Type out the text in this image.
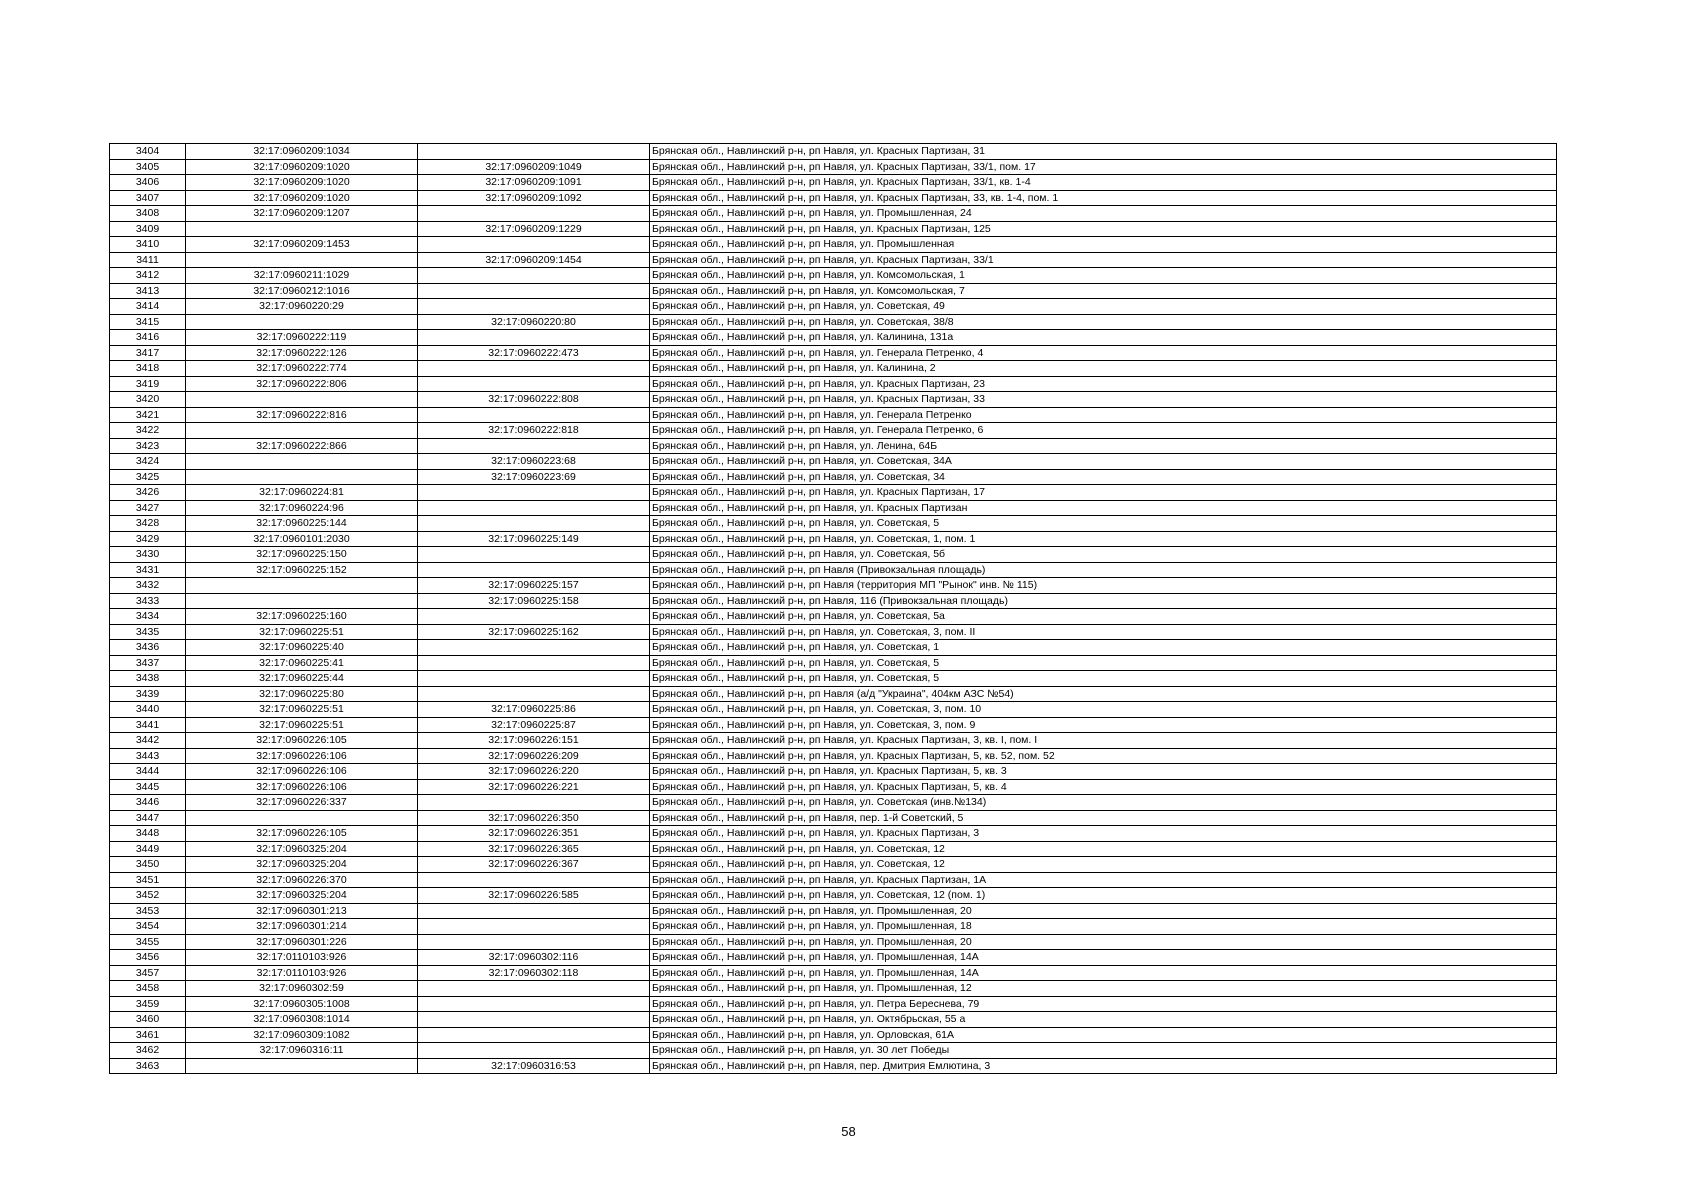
3404	32:17:0960209:1034		Брянская обл., Навлинский р-н, рп Навля, ул. Красных Партизан, 31
3405	32:17:0960209:1020	32:17:0960209:1049	Брянская обл., Навлинский р-н, рп Навля, ул. Красных Партизан, 33/1, пом. 17
3406	32:17:0960209:1020	32:17:0960209:1091	Брянская обл., Навлинский р-н, рп Навля, ул. Красных Партизан, 33/1, кв. 1-4
3407	32:17:0960209:1020	32:17:0960209:1092	Брянская обл., Навлинский р-н, рп Навля, ул. Красных Партизан, 33, кв. 1-4, пом. 1
3408	32:17:0960209:1207		Брянская обл., Навлинский р-н, рп Навля, ул. Промышленная, 24
3409		32:17:0960209:1229	Брянская обл., Навлинский р-н, рп Навля, ул. Красных Партизан, 125
3410	32:17:0960209:1453		Брянская обл., Навлинский р-н, рп Навля, ул. Промышленная
3411		32:17:0960209:1454	Брянская обл., Навлинский р-н, рп Навля, ул. Красных Партизан, 33/1
3412	32:17:0960211:1029		Брянская обл., Навлинский р-н, рп Навля, ул. Комсомольская, 1
3413	32:17:0960212:1016		Брянская обл., Навлинский р-н, рп Навля, ул. Комсомольская, 7
3414	32:17:0960220:29		Брянская обл., Навлинский р-н, рп Навля, ул. Советская, 49
3415		32:17:0960220:80	Брянская обл., Навлинский р-н, рп Навля, ул. Советская, 38/8
3416	32:17:0960222:119		Брянская обл., Навлинский р-н, рп Навля, ул. Калинина, 131а
3417	32:17:0960222:126	32:17:0960222:473	Брянская обл., Навлинский р-н, рп Навля, ул. Генерала Петренко, 4
3418	32:17:0960222:774		Брянская обл., Навлинский р-н, рп Навля, ул. Калинина, 2
3419	32:17:0960222:806		Брянская обл., Навлинский р-н, рп Навля, ул. Красных Партизан, 23
3420		32:17:0960222:808	Брянская обл., Навлинский р-н, рп Навля, ул. Красных Партизан, 33
3421	32:17:0960222:816		Брянская обл., Навлинский р-н, рп Навля, ул. Генерала Петренко
3422		32:17:0960222:818	Брянская обл., Навлинский р-н, рп Навля, ул. Генерала Петренко, 6
3423	32:17:0960222:866		Брянская обл., Навлинский р-н, рп Навля, ул. Ленина, 64Б
3424		32:17:0960223:68	Брянская обл., Навлинский р-н, рп Навля, ул. Советская, 34А
3425		32:17:0960223:69	Брянская обл., Навлинский р-н, рп Навля, ул. Советская, 34
3426	32:17:0960224:81		Брянская обл., Навлинский р-н, рп Навля, ул. Красных Партизан, 17
3427	32:17:0960224:96		Брянская обл., Навлинский р-н, рп Навля, ул. Красных Партизан
3428	32:17:0960225:144		Брянская обл., Навлинский р-н, рп Навля, ул. Советская, 5
3429	32:17:0960101:2030	32:17:0960225:149	Брянская обл., Навлинский р-н, рп Навля, ул. Советская, 1, пом. 1
3430	32:17:0960225:150		Брянская обл., Навлинский р-н, рп Навля, ул. Советская, 5б
3431	32:17:0960225:152		Брянская обл., Навлинский р-н, рп Навля (Привокзальная площадь)
3432		32:17:0960225:157	Брянская обл., Навлинский р-н, рп Навля (территория МП "Рынок" инв. № 115)
3433		32:17:0960225:158	Брянская обл., Навлинский р-н, рп Навля, 116 (Привокзальная площадь)
3434	32:17:0960225:160		Брянская обл., Навлинский р-н, рп Навля, ул. Советская, 5а
3435	32:17:0960225:51	32:17:0960225:162	Брянская обл., Навлинский р-н, рп Навля, ул. Советская, 3, пом. II
3436	32:17:0960225:40		Брянская обл., Навлинский р-н, рп Навля, ул. Советская, 1
3437	32:17:0960225:41		Брянская обл., Навлинский р-н, рп Навля, ул. Советская, 5
3438	32:17:0960225:44		Брянская обл., Навлинский р-н, рп Навля, ул. Советская, 5
3439	32:17:0960225:80		Брянская обл., Навлинский р-н, рп Навля (а/д "Украина", 404км АЗС №54)
3440	32:17:0960225:51	32:17:0960225:86	Брянская обл., Навлинский р-н, рп Навля, ул. Советская, 3, пом. 10
3441	32:17:0960225:51	32:17:0960225:87	Брянская обл., Навлинский р-н, рп Навля, ул. Советская, 3, пом. 9
3442	32:17:0960226:105	32:17:0960226:151	Брянская обл., Навлинский р-н, рп Навля, ул. Красных Партизан, 3, кв. I, пом. I
3443	32:17:0960226:106	32:17:0960226:209	Брянская обл., Навлинский р-н, рп Навля, ул. Красных Партизан, 5, кв. 52, пом. 52
3444	32:17:0960226:106	32:17:0960226:220	Брянская обл., Навлинский р-н, рп Навля, ул. Красных Партизан, 5, кв. 3
3445	32:17:0960226:106	32:17:0960226:221	Брянская обл., Навлинский р-н, рп Навля, ул. Красных Партизан, 5, кв. 4
3446	32:17:0960226:337		Брянская обл., Навлинский р-н, рп Навля, ул. Советская (инв.№134)
3447		32:17:0960226:350	Брянская обл., Навлинский р-н, рп Навля, пер. 1-й Советский, 5
3448	32:17:0960226:105	32:17:0960226:351	Брянская обл., Навлинский р-н, рп Навля, ул. Красных Партизан, 3
3449	32:17:0960325:204	32:17:0960226:365	Брянская обл., Навлинский р-н, рп Навля, ул. Советская, 12
3450	32:17:0960325:204	32:17:0960226:367	Брянская обл., Навлинский р-н, рп Навля, ул. Советская, 12
3451	32:17:0960226:370		Брянская обл., Навлинский р-н, рп Навля, ул. Красных Партизан, 1А
3452	32:17:0960325:204	32:17:0960226:585	Брянская обл., Навлинский р-н, рп Навля, ул. Советская, 12 (пом. 1)
3453	32:17:0960301:213		Брянская обл., Навлинский р-н, рп Навля, ул. Промышленная, 20
3454	32:17:0960301:214		Брянская обл., Навлинский р-н, рп Навля, ул. Промышленная, 18
3455	32:17:0960301:226		Брянская обл., Навлинский р-н, рп Навля, ул. Промышленная, 20
3456	32:17:0110103:926	32:17:0960302:116	Брянская обл., Навлинский р-н, рп Навля, ул. Промышленная, 14А
3457	32:17:0110103:926	32:17:0960302:118	Брянская обл., Навлинский р-н, рп Навля, ул. Промышленная, 14А
3458	32:17:0960302:59		Брянская обл., Навлинский р-н, рп Навля, ул. Промышленная, 12
3459	32:17:0960305:1008		Брянская обл., Навлинский р-н, рп Навля, ул. Петра Береснева, 79
3460	32:17:0960308:1014		Брянская обл., Навлинский р-н, рп Навля, ул. Октябрьская, 55 а
3461	32:17:0960309:1082		Брянская обл., Навлинский р-н, рп Навля, ул. Орловская, 61А
3462	32:17:0960316:11		Брянская обл., Навлинский р-н, рп Навля, ул. 30 лет Победы
3463		32:17:0960316:53	Брянская обл., Навлинский р-н, рп Навля, пер. Дмитрия Емлютина, 3
58
